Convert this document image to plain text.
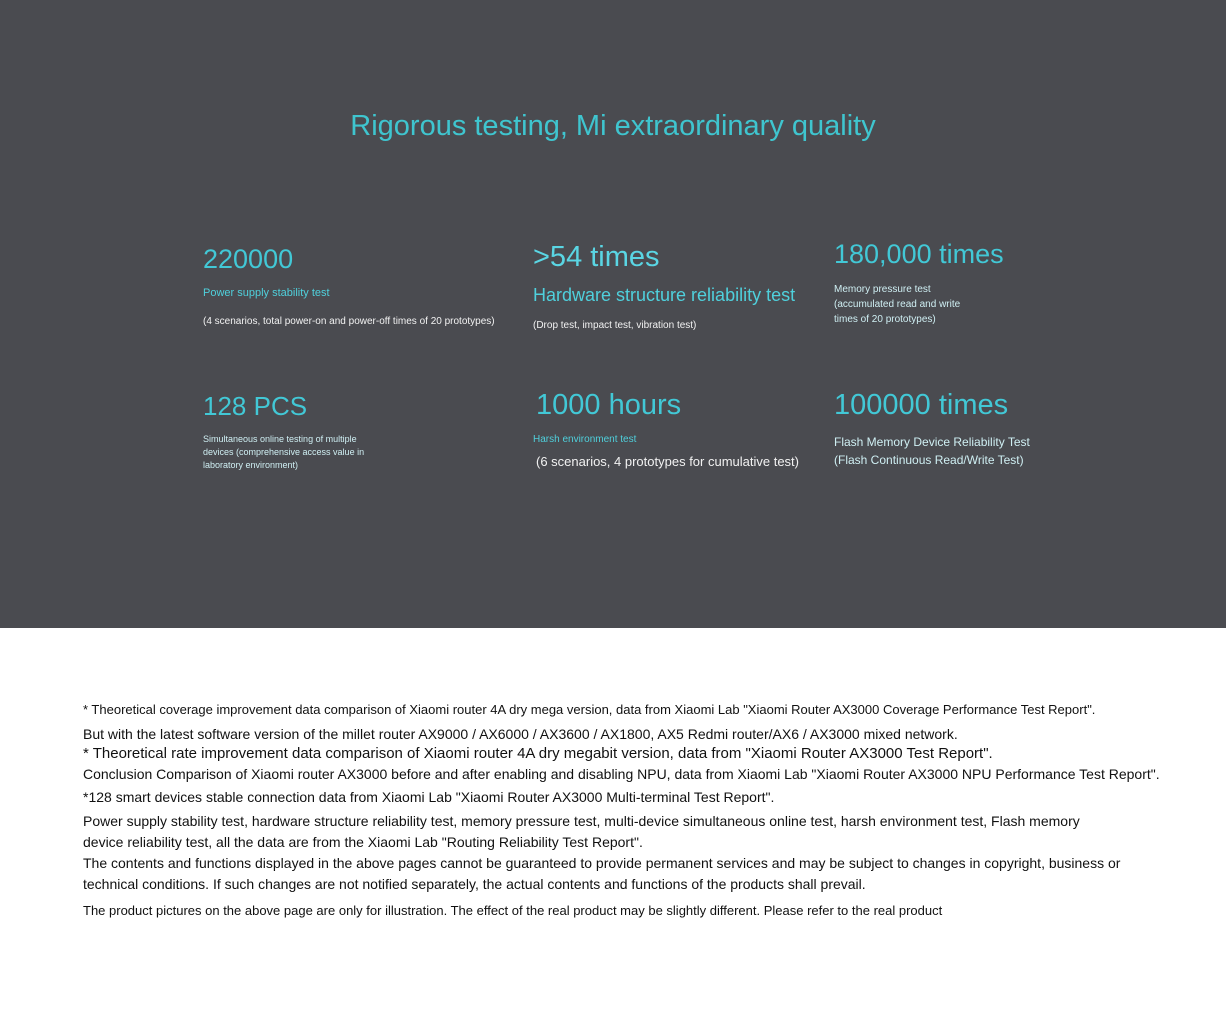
Rigorous testing, Mi extraordinary quality
220000
Power supply stability test
(4 scenarios, total power-on and power-off times of 20 prototypes)
>54 times
Hardware structure reliability test
(Drop test, impact test, vibration test)
180,000 times
Memory pressure test (accumulated read and write times of 20 prototypes)
128 PCS
Simultaneous online testing of multiple devices (comprehensive access value in laboratory environment)
1000 hours
Harsh environment test
(6 scenarios, 4 prototypes for cumulative test)
100000 times
Flash Memory Device Reliability Test (Flash Continuous Read/Write Test)

* Theoretical coverage improvement data comparison of Xiaomi router 4A dry mega version, data from Xiaomi Lab "Xiaomi Router AX3000 Coverage Performance Test Report".

But with the latest software version of the millet router AX9000 / AX6000 / AX3600 / AX1800, AX5 Redmi router/AX6 / AX3000 mixed network.

* Theoretical rate improvement data comparison of Xiaomi router 4A dry megabit version, data from "Xiaomi Router AX3000 Test Report".

Conclusion Comparison of Xiaomi router AX3000 before and after enabling and disabling NPU, data from Xiaomi Lab "Xiaomi Router AX3000 NPU Performance Test Report".

*128 smart devices stable connection data from Xiaomi Lab "Xiaomi Router AX3000 Multi-terminal Test Report".

Power supply stability test, hardware structure reliability test, memory pressure test, multi-device simultaneous online test, harsh environment test, Flash memory device reliability test, all the data are from the Xiaomi Lab "Routing Reliability Test Report".

The contents and functions displayed in the above pages cannot be guaranteed to provide permanent services and may be subject to changes in copyright, business or technical conditions. If such changes are not notified separately, the actual contents and functions of the products shall prevail.

The product pictures on the above page are only for illustration. The effect of the real product may be slightly different. Please refer to the real product
